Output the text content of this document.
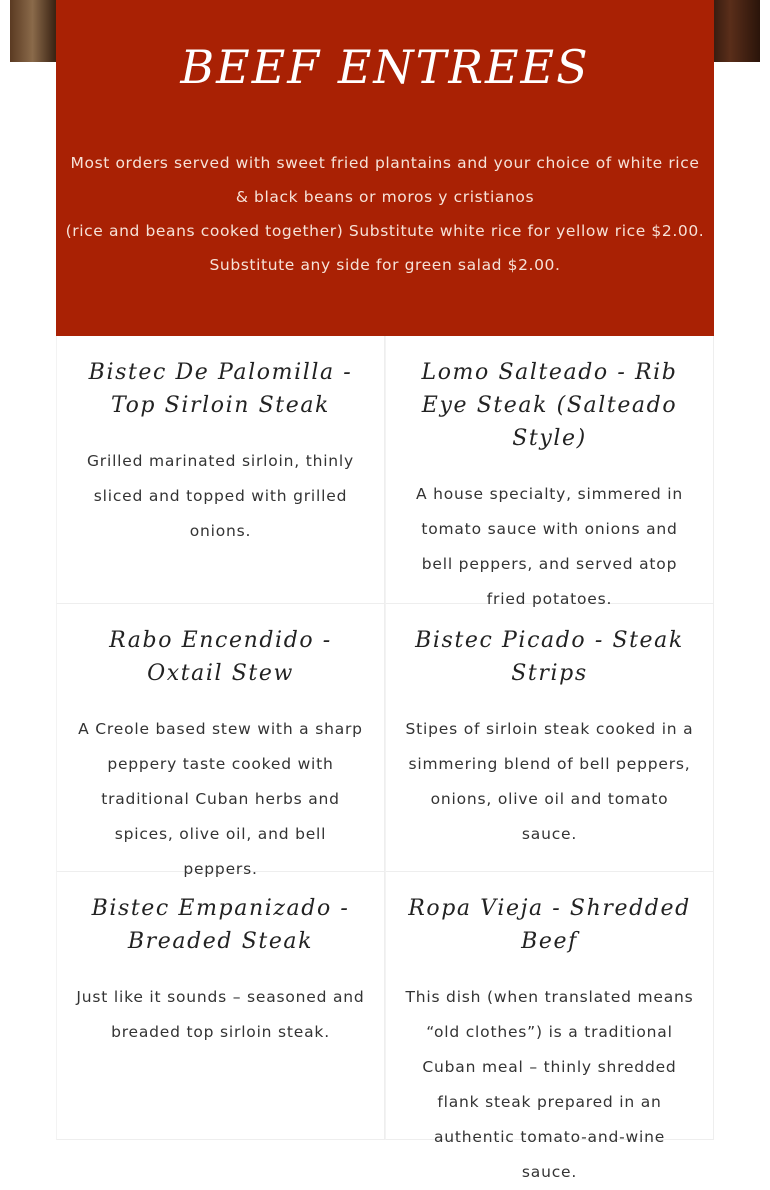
BEEF ENTREES
Most orders served with sweet fried plantains and your choice of white rice
& black beans or moros y cristianos
(rice and beans cooked together) Substitute white rice for yellow rice $2.00.
Substitute any side for green salad $2.00.
Bistec De Palomilla - Top Sirloin Steak

Grilled marinated sirloin, thinly sliced and topped with grilled onions.

Lomo Salteado - Rib Eye Steak (Salteado Style)

A house specialty, simmered in tomato sauce with onions and bell peppers, and served atop fried potatoes.

Rabo Encendido - Oxtail Stew

A Creole based stew with a sharp peppery taste cooked with traditional Cuban herbs and spices, olive oil, and bell peppers.

Bistec Picado - Steak Strips

Stipes of sirloin steak cooked in a simmering blend of bell peppers, onions, olive oil and tomato sauce.

Bistec Empanizado - Breaded Steak

Just like it sounds – seasoned and breaded top sirloin steak.

Ropa Vieja - Shredded Beef

This dish (when translated means “old clothes”) is a traditional Cuban meal – thinly shredded flank steak prepared in an authentic tomato-and-wine sauce.
